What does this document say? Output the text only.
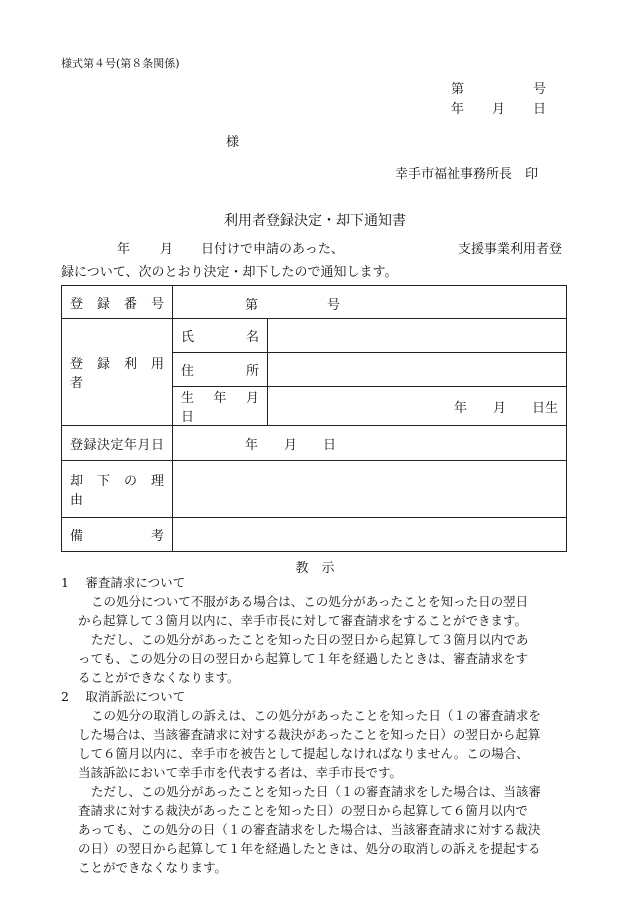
様式第４号(第８条関係)
第	号
年 月 日
様
幸手市福祉事務所長　印
利用者登録決定・却下通知書
年 月 日付けで申請のあった、	支援事業利用者登
録について、次のとおり決定・却下したので通知します。
登　録　番　号	第 号	

登　録　利　用　者	氏　　名	
	住　　所	
	生　年　月　日	年　　月　　日生
登録決定年月日	年　　月　　日	
却　下　の　理　由		
備　　　　　考		
教　示
1　 審査請求について
この処分について不服がある場合は、この処分があったことを知った日の翌日
から起算して３箇月以内に、幸手市長に対して審査請求をすることができます。
ただし、この処分があったことを知った日の翌日から起算して３箇月以内であ
っても、この処分の日の翌日から起算して１年を経過したときは、審査請求をす
ることができなくなります。
2　 取消訴訟について
この処分の取消しの訴えは、この処分があったことを知った日（１の審査請求を
した場合は、当該審査請求に対する裁決があったことを知った日）の翌日から起算
して６箇月以内に、幸手市を被告として提起しなければなりません。この場合、
当該訴訟において幸手市を代表する者は、幸手市長です。
ただし、この処分があったことを知った日（１の審査請求をした場合は、当該審
査請求に対する裁決があったことを知った日）の翌日から起算して６箇月以内で
あっても、この処分の日（１の審査請求をした場合は、当該審査請求に対する裁決
の日）の翌日から起算して１年を経過したときは、処分の取消しの訴えを提起する
ことができなくなります。
